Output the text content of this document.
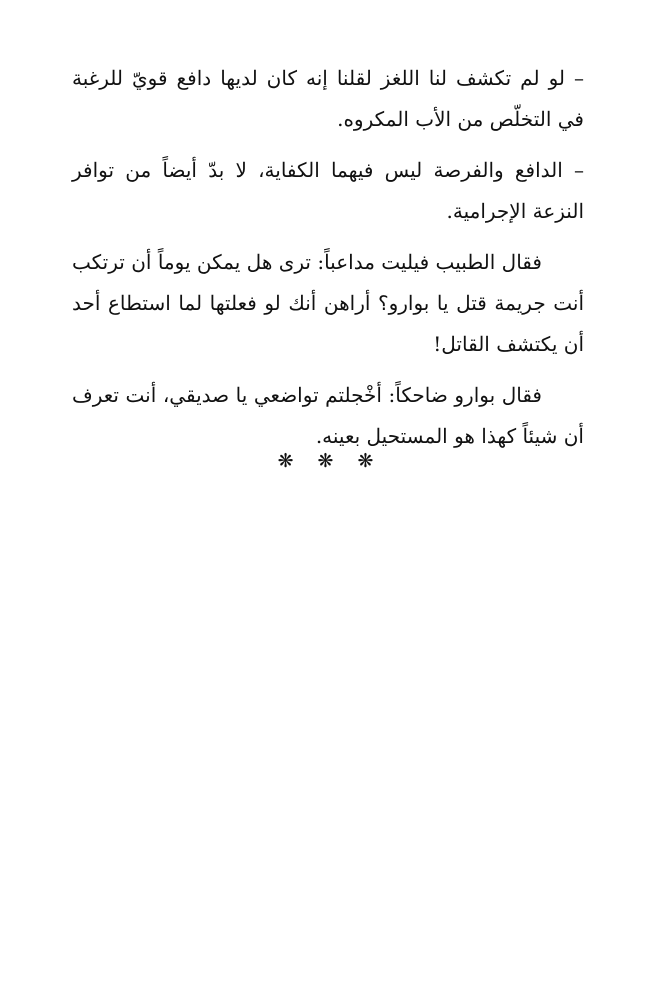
– لو لم تكشف لنا اللغز لقلنا إنه كان لديها دافع قويّ للرغبة في التخلّص من الأب المكروه.

– الدافع والفرصة ليس فيهما الكفاية، لا بدّ أيضاً من توافر النزعة الإجرامية.

فقال الطبيب فيليت مداعباً: ترى هل يمكن يوماً أن ترتكب أنت جريمة قتل يا بوارو؟ أراهن أنك لو فعلتها لما استطاع أحد أن يكتشف القاتل!

فقال بوارو ضاحكاً: أخْجلتم تواضعي يا صديقي، أنت تعرف أن شيئاً كهذا هو المستحيل بعينه.

❋ ❋ ❋
